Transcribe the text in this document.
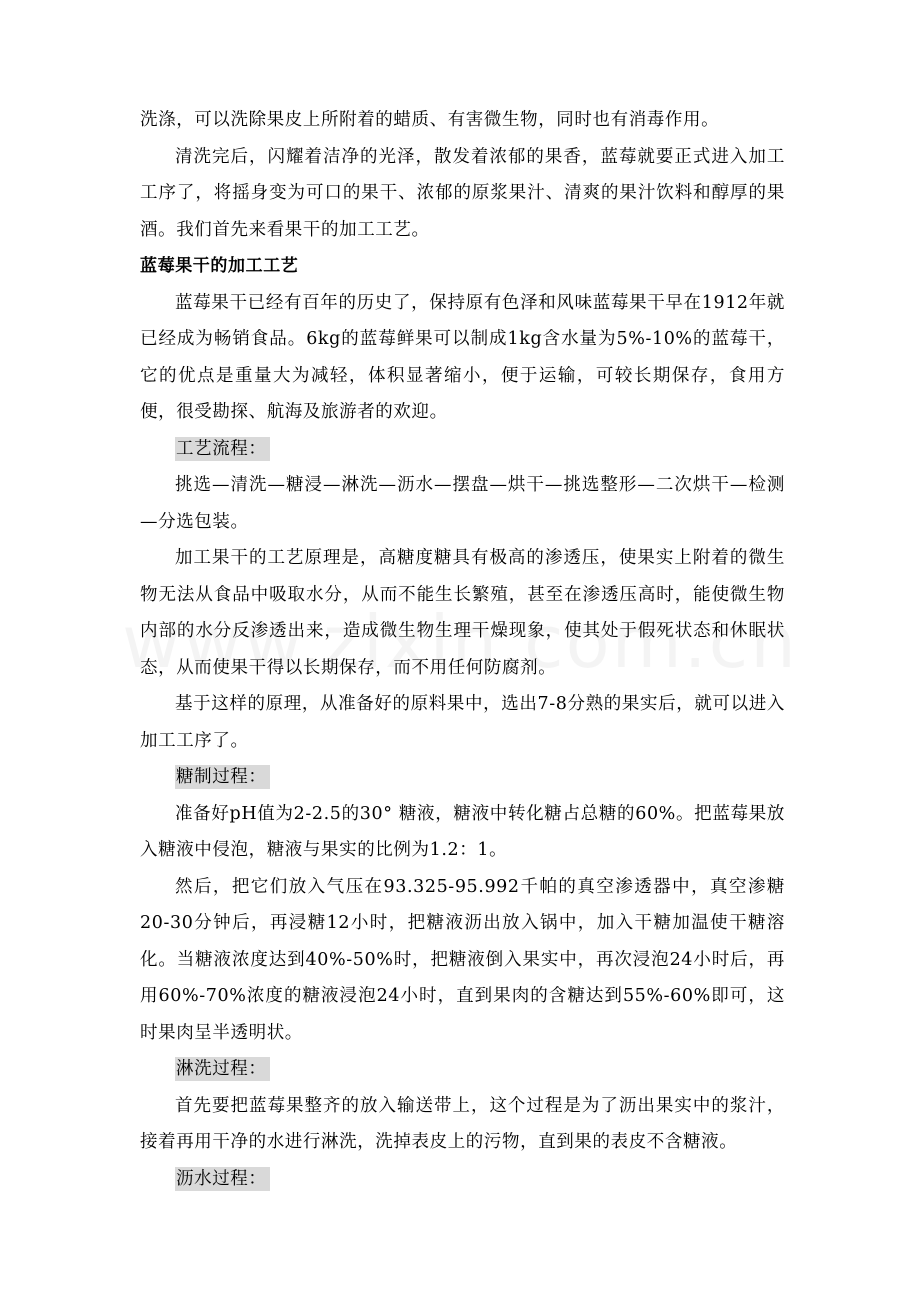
洗涤，可以洗除果皮上所附着的蜡质、有害微生物，同时也有消毒作用。

清洗完后，闪耀着洁净的光泽，散发着浓郁的果香，蓝莓就要正式进入加工工序了，将摇身变为可口的果干、浓郁的原浆果汁、清爽的果汁饮料和醇厚的果酒。我们首先来看果干的加工工艺。

蓝莓果干的加工工艺

蓝莓果干已经有百年的历史了，保持原有色泽和风味蓝莓果干早在1912年就已经成为畅销食品。6kg的蓝莓鲜果可以制成1kg含水量为5%-10%的蓝莓干，它的优点是重量大为减轻，体积显著缩小，便于运输，可较长期保存，食用方便，很受勘探、航海及旅游者的欢迎。

工艺流程：

挑选—清洗—糖浸—淋洗—沥水—摆盘—烘干—挑选整形—二次烘干—检测—分选包装。

加工果干的工艺原理是，高糖度糖具有极高的渗透压，使果实上附着的微生物无法从食品中吸取水分，从而不能生长繁殖，甚至在渗透压高时，能使微生物内部的水分反渗透出来，造成微生物生理干燥现象，使其处于假死状态和休眠状态，从而使果干得以长期保存，而不用任何防腐剂。

基于这样的原理，从准备好的原料果中，选出7-8分熟的果实后，就可以进入加工工序了。

糖制过程：

准备好pH值为2-2.5的30° 糖液，糖液中转化糖占总糖的60%。把蓝莓果放入糖液中侵泡，糖液与果实的比例为1.2：1。

然后，把它们放入气压在93.325-95.992千帕的真空渗透器中，真空渗糖20-30分钟后，再浸糖12小时，把糖液沥出放入锅中，加入干糖加温使干糖溶化。当糖液浓度达到40%-50%时，把糖液倒入果实中，再次浸泡24小时后，再用60%-70%浓度的糖液浸泡24小时，直到果肉的含糖达到55%-60%即可，这时果肉呈半透明状。

淋洗过程：

首先要把蓝莓果整齐的放入输送带上，这个过程是为了沥出果实中的浆汁，接着再用干净的水进行淋洗，洗掉表皮上的污物，直到果的表皮不含糖液。

沥水过程：
